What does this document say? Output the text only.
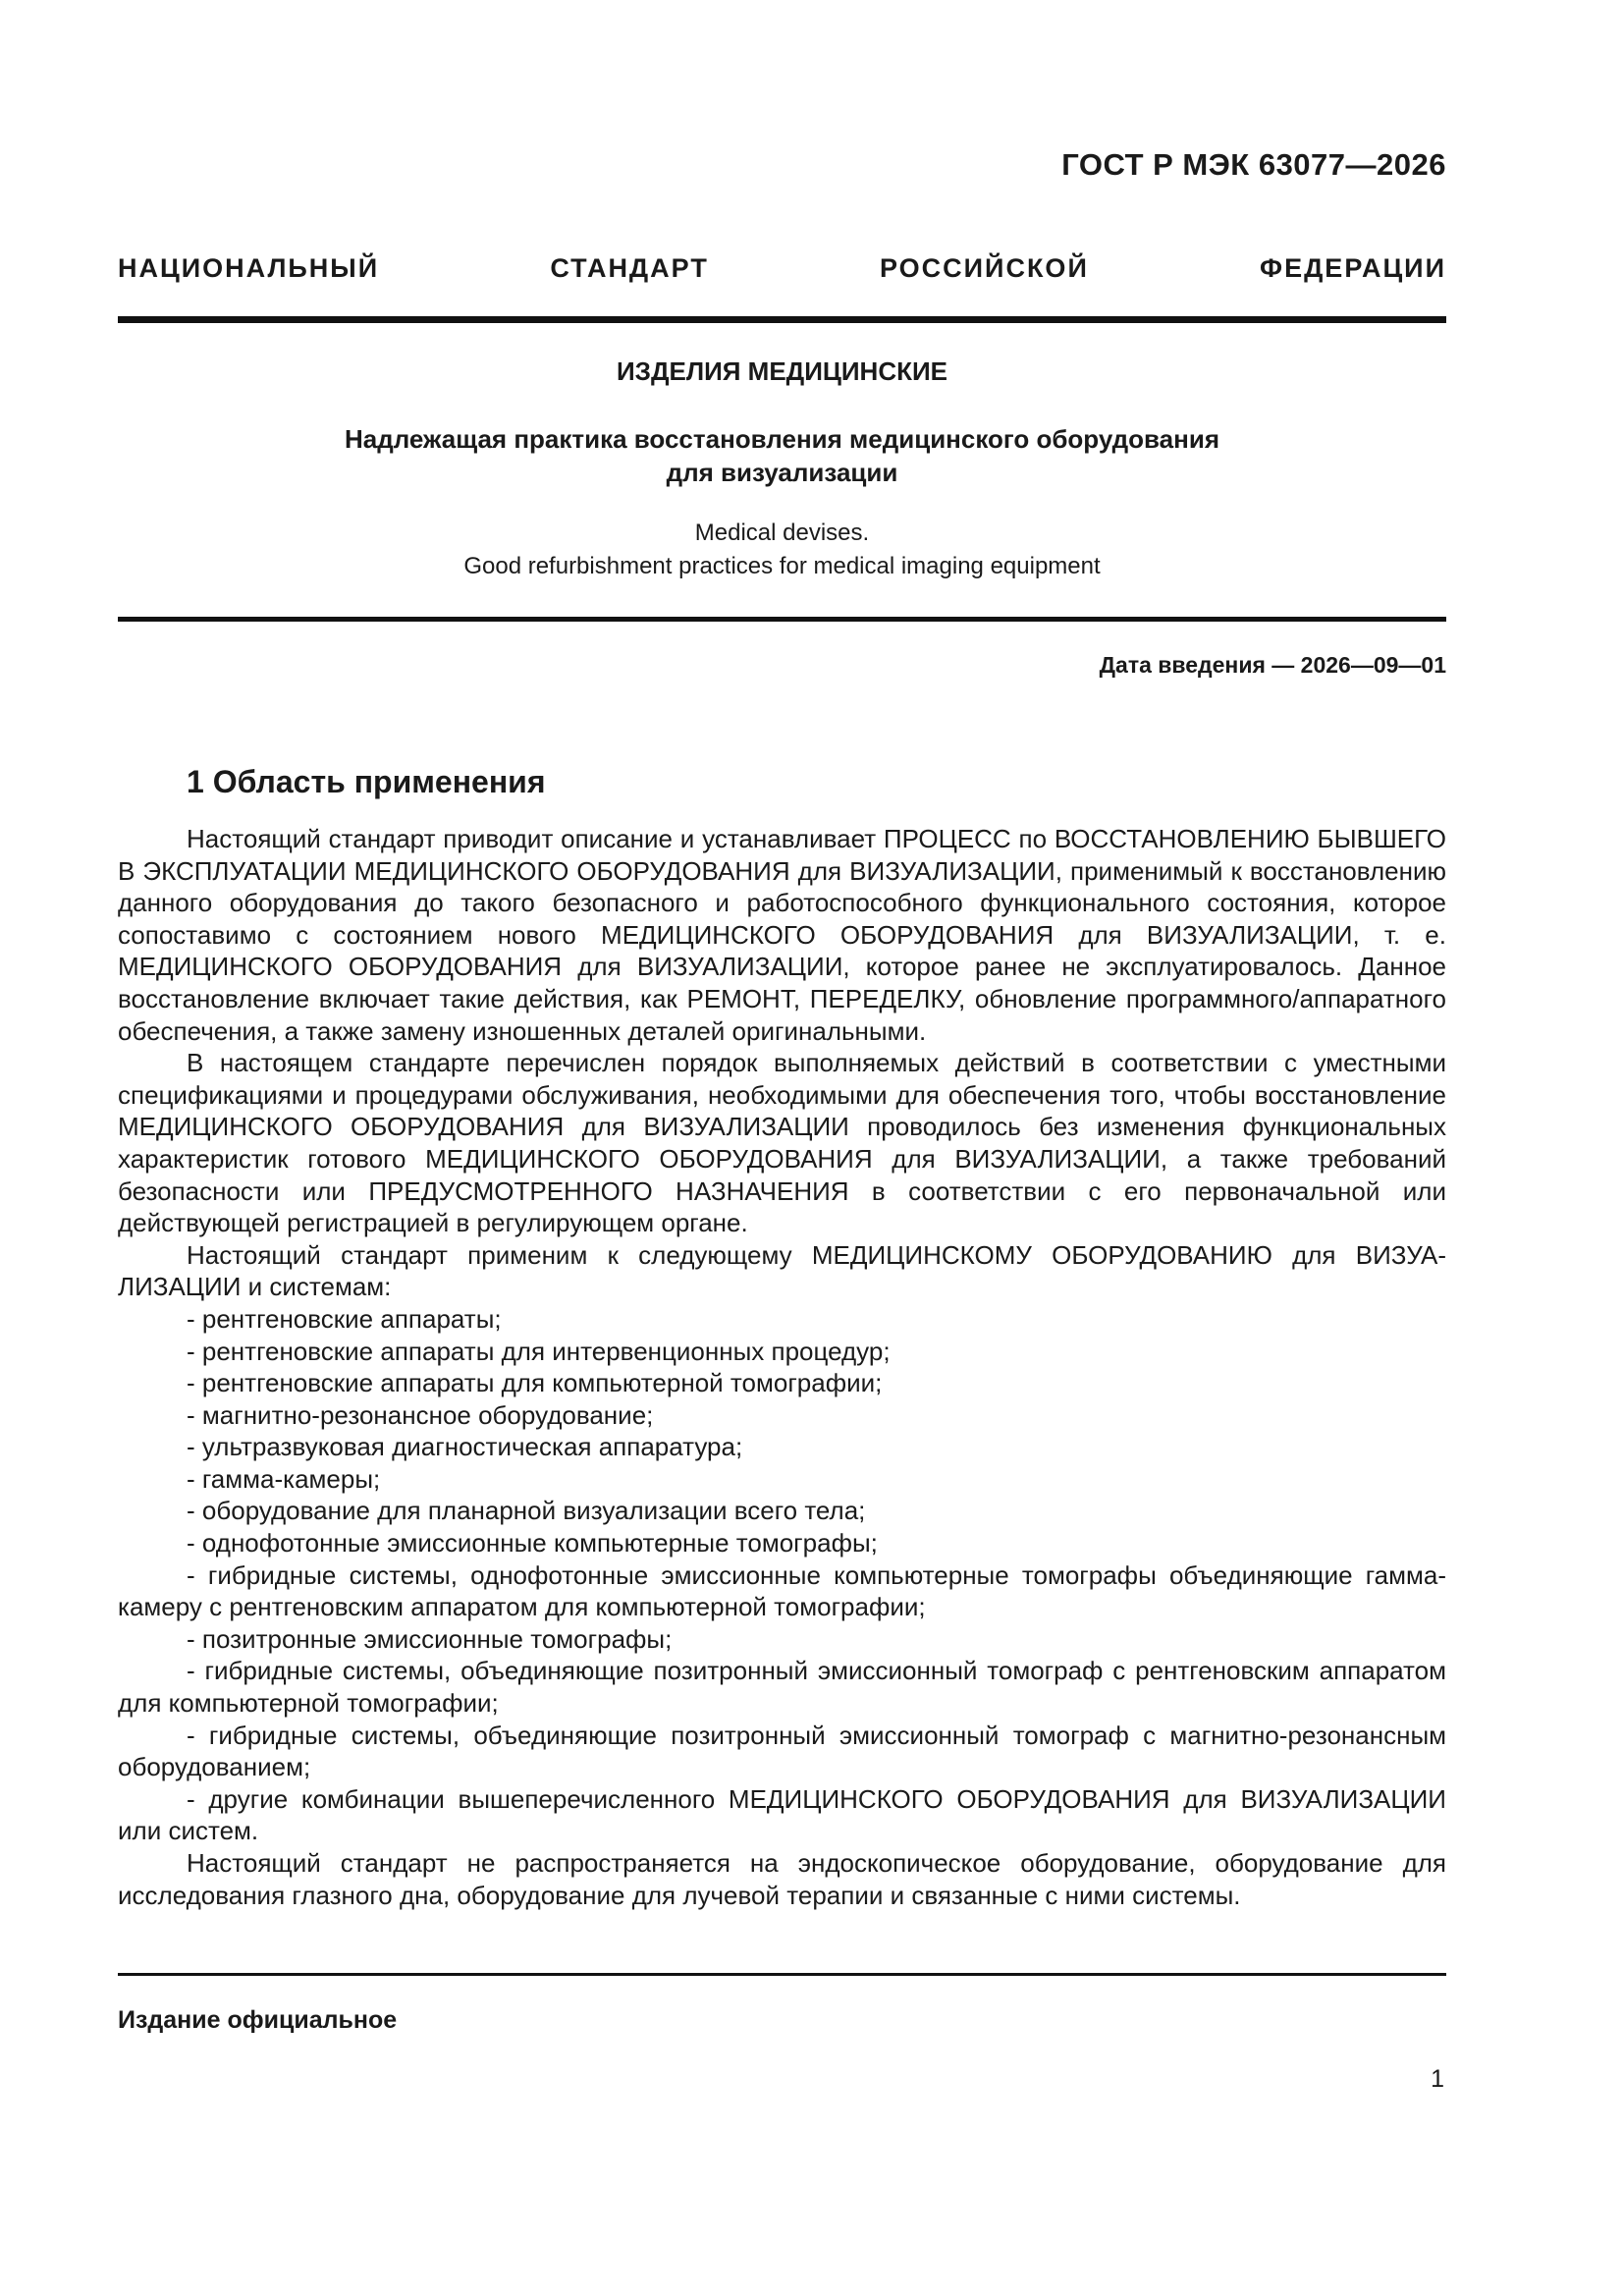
ГОСТ Р МЭК 63077—2026
НАЦИОНАЛЬНЫЙ СТАНДАРТ РОССИЙСКОЙ ФЕДЕРАЦИИ
ИЗДЕЛИЯ МЕДИЦИНСКИЕ
Надлежащая практика восстановления медицинского оборудования
для визуализации
Medical devises.
Good refurbishment practices for medical imaging equipment
Дата введения — 2026—09—01
1 Область применения

Настоящий стандарт приводит описание и устанавливает ПРОЦЕСС по ВОССТАНОВЛЕНИЮ БЫВШЕГО В ЭКСПЛУАТАЦИИ МЕДИЦИНСКОГО ОБОРУДОВАНИЯ для ВИЗУАЛИЗАЦИИ, применимый к восстановлению данного оборудования до такого безопасного и работоспособного функционального состояния, которое сопоставимо с состоянием нового МЕДИЦИНСКОГО ОБОРУДОВАНИЯ для ВИЗУАЛИЗАЦИИ, т. е. МЕДИЦИНСКОГО ОБОРУДОВАНИЯ для ВИЗУАЛИЗАЦИИ, которое ранее не эксплуатировалось. Данное восстановление включает такие действия, как РЕМОНТ, ПЕРЕДЕЛКУ, обновление программного/аппаратного обеспечения, а также замену изношенных деталей оригинальными.

В настоящем стандарте перечислен порядок выполняемых действий в соответствии с уместными спецификациями и процедурами обслуживания, необходимыми для обеспечения того, чтобы восстановление МЕДИЦИНСКОГО ОБОРУДОВАНИЯ для ВИЗУАЛИЗАЦИИ проводилось без изменения функциональных характеристик готового МЕДИЦИНСКОГО ОБОРУДОВАНИЯ для ВИЗУАЛИЗАЦИИ, а также требований безопасности или ПРЕДУСМОТРЕННОГО НАЗНАЧЕНИЯ в соответствии с его первоначальной или действующей регистрацией в регулирующем органе.

Настоящий стандарт применим к следующему МЕДИЦИНСКОМУ ОБОРУДОВАНИЮ для ВИЗУАЛИЗАЦИИ и системам:

- рентгеновские аппараты;

- рентгеновские аппараты для интервенционных процедур;

- рентгеновские аппараты для компьютерной томографии;

- магнитно-резонансное оборудование;

- ультразвуковая диагностическая аппаратура;

- гамма-камеры;

- оборудование для планарной визуализации всего тела;

- однофотонные эмиссионные компьютерные томографы;

- гибридные системы, однофотонные эмиссионные компьютерные томографы объединяющие гамма-камеру с рентгеновским аппаратом для компьютерной томографии;

- позитронные эмиссионные томографы;

- гибридные системы, объединяющие позитронный эмиссионный томограф с рентгеновским аппаратом для компьютерной томографии;

- гибридные системы, объединяющие позитронный эмиссионный томограф с магнитно-резонансным оборудованием;

- другие комбинации вышеперечисленного МЕДИЦИНСКОГО ОБОРУДОВАНИЯ для ВИЗУАЛИЗАЦИИ или систем.

Настоящий стандарт не распространяется на эндоскопическое оборудование, оборудование для исследования глазного дна, оборудование для лучевой терапии и связанные с ними системы.

Издание официальное
1
